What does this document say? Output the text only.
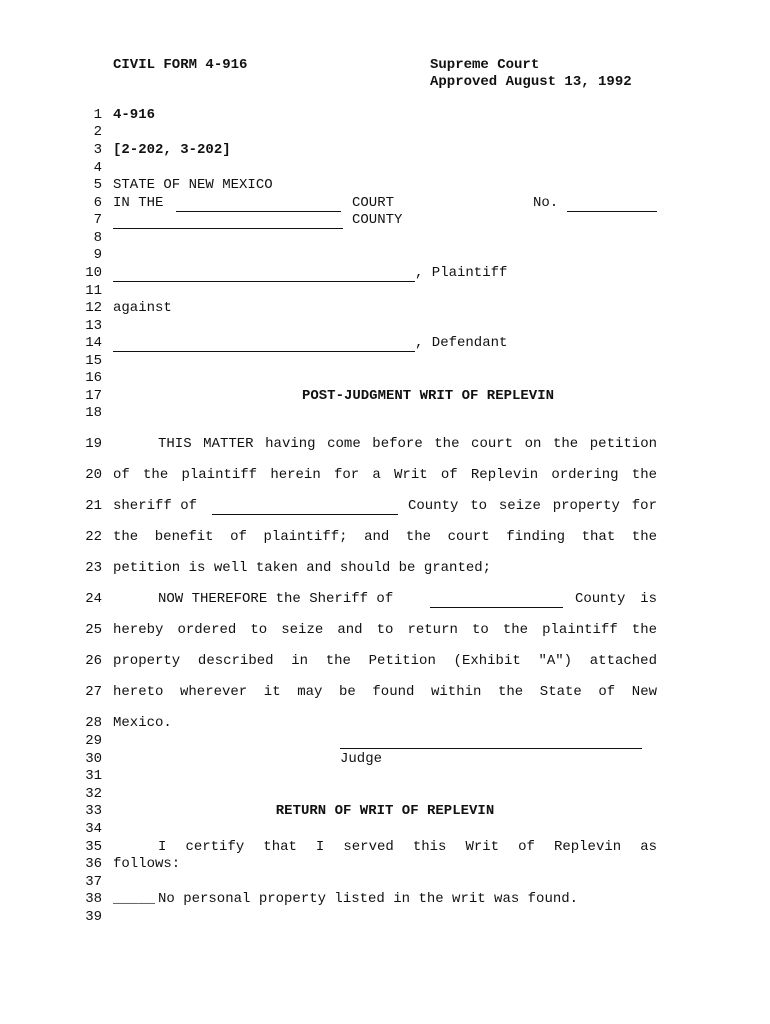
CIVIL FORM 4-916	Supreme Court
Approved August 13, 1992
1
2
3
4
5
6
7
8
9
10
11
12
13
14
15
16
17
18
19
20
21
22
23
24
25
26
27
28
29
30
31
32
33
34
35
36
37
38
39
4-916
[2-202, 3-202]
STATE OF NEW MEXICO
IN THE	COURT	No.
COUNTY
, Plaintiff
against
, Defendant
POST-JUDGMENT WRIT OF REPLEVIN
THIS MATTER having come before the court on the petition
of the plaintiff herein for a Writ of Replevin ordering the
sheriff of	County to seize property for
the benefit of plaintiff; and the court finding that the
petition is well taken and should be granted;
NOW THEREFORE the Sheriff of	County is
hereby ordered to seize and to return to the plaintiff the
property described in the Petition (Exhibit "A") attached
hereto wherever it may be found within the State of New
Mexico.
Judge
RETURN OF WRIT OF REPLEVIN
I certify that I served this Writ of Replevin as
follows:
_____ No personal property listed in the writ was found.
